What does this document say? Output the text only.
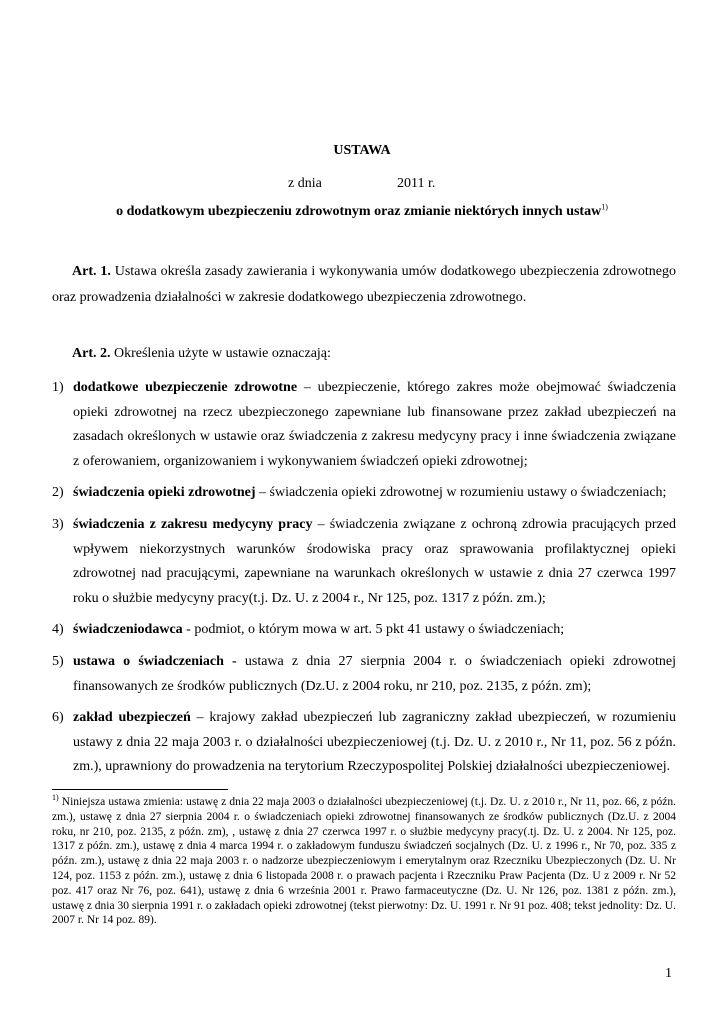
USTAWA
z dnia	2011 r.
o dodatkowym ubezpieczeniu zdrowotnym oraz zmianie niektórych innych ustaw$^{1)}$

Art. 1. Ustawa określa zasady zawierania i wykonywania umów dodatkowego ubezpieczenia zdrowotnego oraz prowadzenia działalności w zakresie dodatkowego ubezpieczenia zdrowotnego.

Art. 2. Określenia użyte w ustawie oznaczają:

1) dodatkowe ubezpieczenie zdrowotne – ubezpieczenie, którego zakres może obejmować świadczenia opieki zdrowotnej na rzecz ubezpieczonego zapewniane lub finansowane przez zakład ubezpieczeń na zasadach określonych w ustawie oraz świadczenia z zakresu medycyny pracy i inne świadczenia związane z oferowaniem, organizowaniem i wykonywaniem świadczeń opieki zdrowotnej;
2) świadczenia opieki zdrowotnej – świadczenia opieki zdrowotnej w rozumieniu ustawy o świadczeniach;
3) świadczenia z zakresu medycyny pracy – świadczenia związane z ochroną zdrowia pracujących przed wpływem niekorzystnych warunków środowiska pracy oraz sprawowania profilaktycznej opieki zdrowotnej nad pracującymi, zapewniane na warunkach określonych w ustawie z dnia 27 czerwca 1997 roku o służbie medycyny pracy(t.j. Dz. U. z 2004 r., Nr 125, poz. 1317 z późn. zm.);
4) świadczeniodawca - podmiot, o którym mowa w art. 5 pkt 41 ustawy o świadczeniach;
5) ustawa o świadczeniach - ustawa z dnia 27 sierpnia 2004 r. o świadczeniach opieki zdrowotnej finansowanych ze środków publicznych (Dz.U. z 2004 roku, nr 210, poz. 2135, z późn. zm);
6) zakład ubezpieczeń – krajowy zakład ubezpieczeń lub zagraniczny zakład ubezpieczeń, w rozumieniu ustawy z dnia 22 maja 2003 r. o działalności ubezpieczeniowej (t.j. Dz. U. z 2010 r., Nr 11, poz. 56 z późn. zm.), uprawniony do prowadzenia na terytorium Rzeczypospolitej Polskiej działalności ubezpieczeniowej.

$^{1)}$ Niniejsza ustawa zmienia: ustawę z dnia 22 maja 2003 o działalności ubezpieczeniowej (t.j. Dz. U. z 2010 r., Nr 11, poz. 66, z późn. zm.), ustawę z dnia 27 sierpnia 2004 r. o świadczeniach opieki zdrowotnej finansowanych ze środków publicznych (Dz.U. z 2004 roku, nr 210, poz. 2135, z późn. zm), , ustawę z dnia 27 czerwca 1997 r. o służbie medycyny pracy(.tj. Dz. U. z 2004. Nr 125, poz. 1317 z późn. zm.), ustawę z dnia 4 marca 1994 r. o zakładowym funduszu świadczeń socjalnych (Dz. U. z 1996 r., Nr 70, poz. 335 z późn. zm.), ustawę z dnia 22 maja 2003 r. o nadzorze ubezpieczeniowym i emerytalnym oraz Rzeczniku Ubezpieczonych (Dz. U. Nr 124, poz. 1153 z późn. zm.), ustawę z dnia 6 listopada 2008 r. o prawach pacjenta i Rzeczniku Praw Pacjenta (Dz. U z 2009 r. Nr 52 poz. 417 oraz Nr 76, poz. 641), ustawę z dnia 6 września 2001 r. Prawo farmaceutyczne (Dz. U. Nr 126, poz. 1381 z późn. zm.), ustawę z dnia 30 sierpnia 1991 r. o zakładach opieki zdrowotnej (tekst pierwotny: Dz. U. 1991 r. Nr 91 poz. 408; tekst jednolity: Dz. U. 2007 r. Nr 14 poz. 89).

1
